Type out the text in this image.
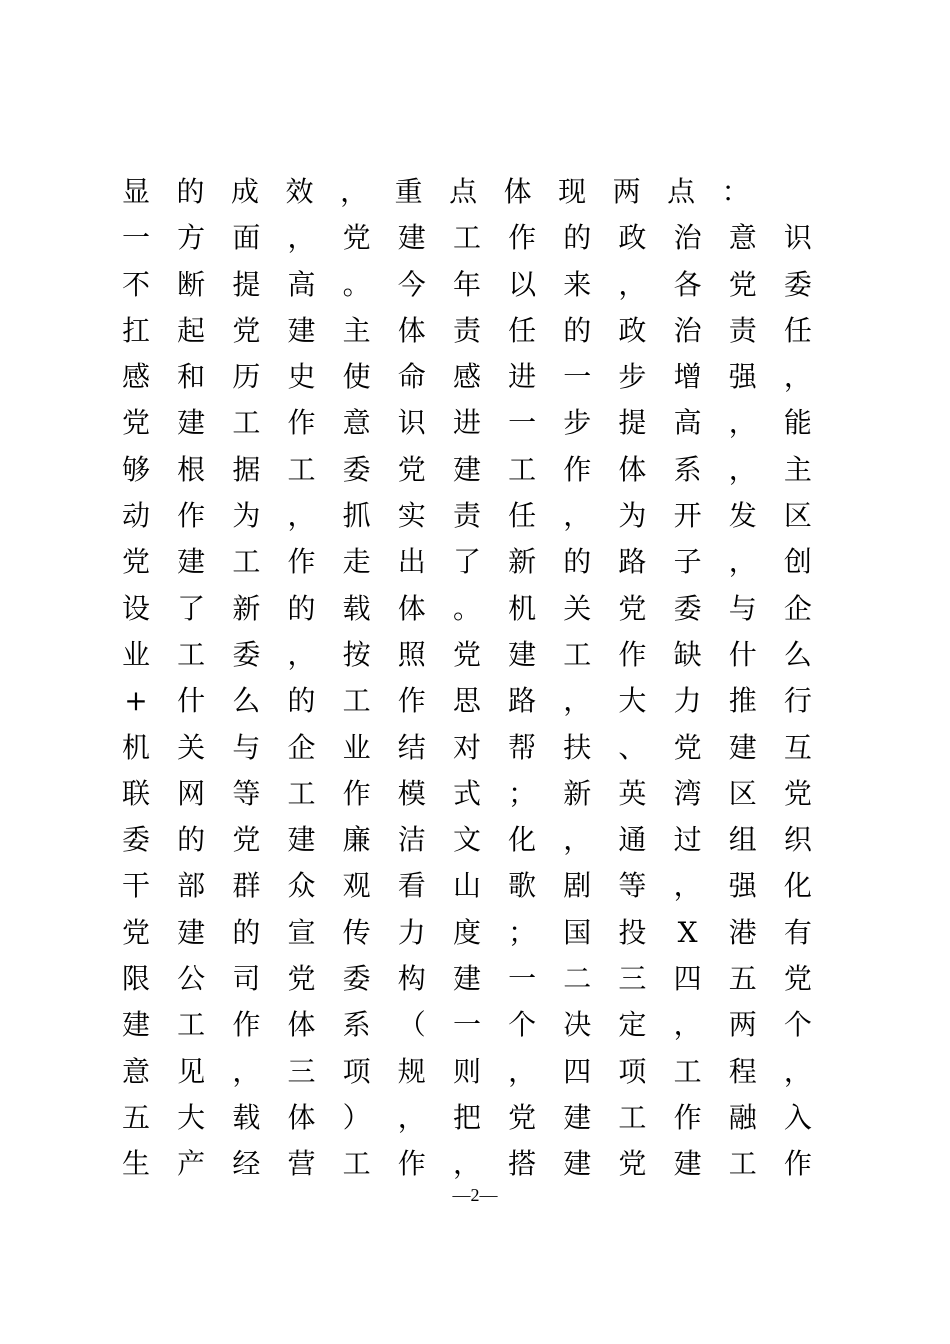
显 的 成 效 ， 重 点 体 现 两 点 ：
一 方 面 ， 党 建 工 作 的 政 治 意 识
不 断 提 高 。 今 年 以 来 ， 各 党 委
扛 起 党 建 主 体 责 任 的 政 治 责 任
感 和 历 史 使 命 感 进 一 步 增 强 ，
党 建 工 作 意 识 进 一 步 提 高 ， 能
够 根 据 工 委 党 建 工 作 体 系 ， 主
动 作 为 ， 抓 实 责 任 ， 为 开 发 区
党 建 工 作 走 出 了 新 的 路 子 ， 创
设 了 新 的 载 体 。 机 关 党 委 与 企
业 工 委 ， 按 照 党 建 工 作 缺 什 么
+ 什 么 的 工 作 思 路 ， 大 力 推 行
机 关 与 企 业 结 对 帮 扶 、 党 建 互
联 网 等 工 作 模 式 ； 新 英 湾 区 党
委 的 党 建 廉 洁 文 化 ， 通 过 组 织
干 部 群 众 观 看 山 歌 剧 等 ， 强 化
党 建 的 宣 传 力 度 ； 国 投 X 港 有
限 公 司 党 委 构 建 一 二 三 四 五 党
建 工 作 体 系 （ 一 个 决 定 ， 两 个
意 见 ， 三 项 规 则 ， 四 项 工 程 ，
五 大 载 体 ） ， 把 党 建 工 作 融 入
生 产 经 营 工 作 ， 搭 建 党 建 工 作
—2—
